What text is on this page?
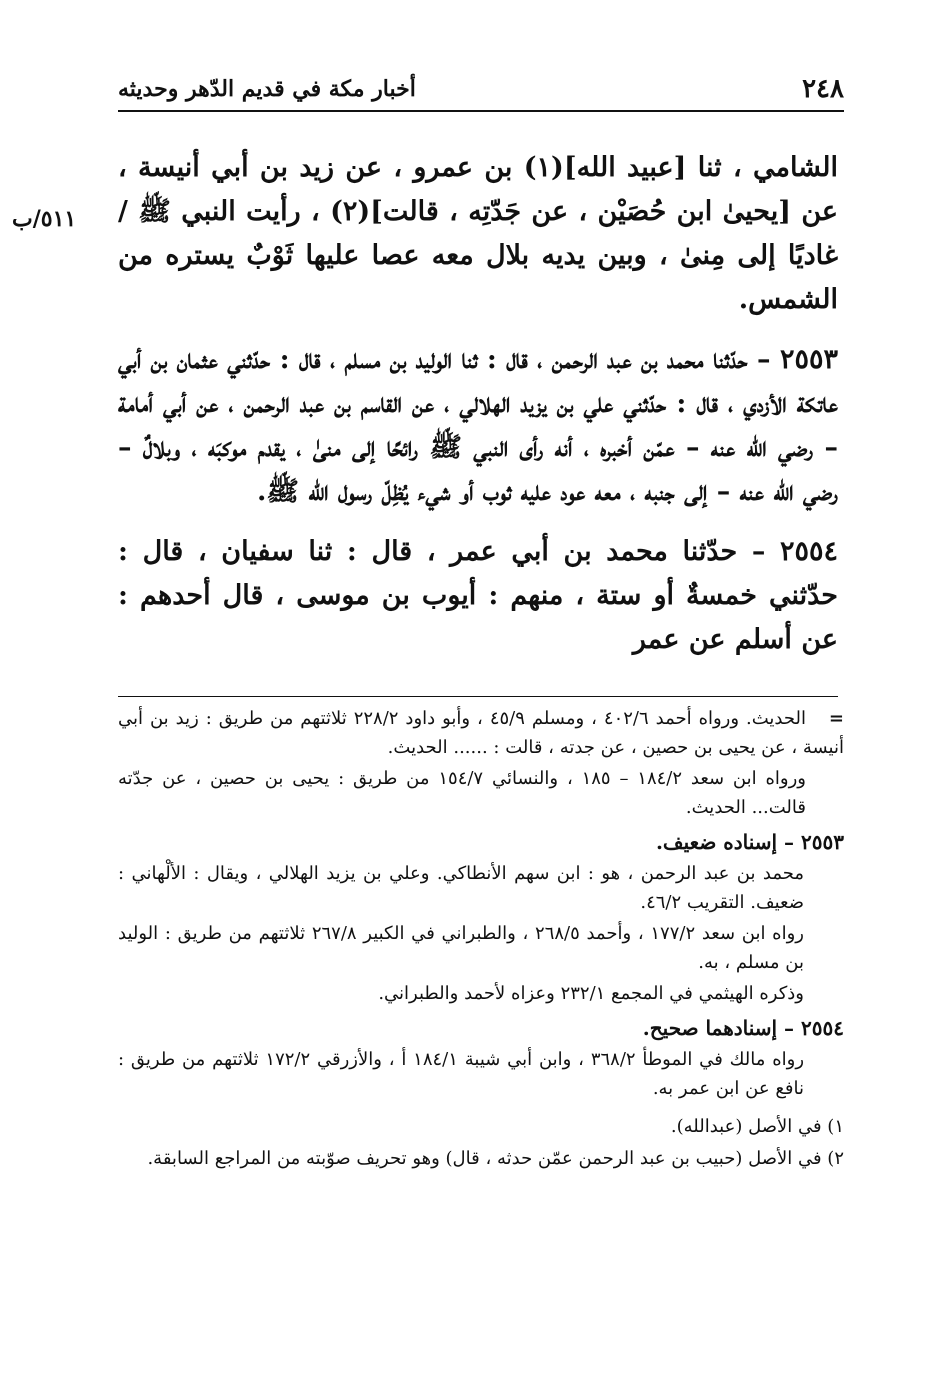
٢٤٨
أخبار مكة في قديم الدّهر وحديثه
٥١١/ب

الشامي ، ثنا [عبيد الله](١) بن عمرو ، عن زيد بن أبي أنيسة ، عن [يحيىٰ ابن حُصَيْن ، عن جَدّتِه ، قالت](٢) ، رأيت النبي ﷺ / غاديًا إلى مِنىٰ ، وبين يديه بلال معه عصا عليها ثَوْبٌ يستره من الشمس.

٢٥٥٣ – حدّثنا محمد بن عبد الرحمن ، قال : ثنا الوليد بن مسلم ، قال : حدّثني عثمان بن أبي عاتكة الأزدي ، قال : حدّثني علي بن يزيد الهلالي ، عن القاسم بن عبد الرحمن ، عن أبي أمامة – رضي الله عنه – عمّن أخبره ، أنه رأى النبي ﷺ رائحًا إلى منىٰ ، يقدم موكبَه ، وبلالٌ – رضي الله عنه – إلى جنبه ، معه عود عليه ثوب أو شيء يُظِلّ رسول الله ﷺ.

٢٥٥٤ – حدّثنا محمد بن أبي عمر ، قال : ثنا سفيان ، قال : حدّثني خمسةٌ أو ستة ، منهم : أيوب بن موسى ، قال أحدهم : عن أسلم عن عمر

=الحديث. ورواه أحمد ٤٠٢/٦ ، ومسلم ٤٥/٩ ، وأبو داود ٢٢٨/٢ ثلاثتهم من طريق : زيد بن أبي أنيسة ، عن يحيى بن حصين ، عن جدته ، قالت : ...... الحديث.

ورواه ابن سعد ١٨٤/٢ – ١٨٥ ، والنسائي ١٥٤/٧ من طريق : يحيى بن حصين ، عن جدّته قالت... الحديث.

٢٥٥٣ – إسناده ضعيف.

محمد بن عبد الرحمن ، هو : ابن سهم الأنطاكي. وعلي بن يزيد الهلالي ، ويقال : الألْهاني : ضعيف. التقريب ٤٦/٢.

رواه ابن سعد ١٧٧/٢ ، وأحمد ٢٦٨/٥ ، والطبراني في الكبير ٢٦٧/٨ ثلاثتهم من طريق : الوليد بن مسلم ، به.

وذكره الهيثمي في المجمع ٢٣٢/١ وعزاه لأحمد والطبراني.

٢٥٥٤ – إسنادهما صحيح.

رواه مالك في الموطأ ٣٦٨/٢ ، وابن أبي شيبة ١٨٤/١ أ ، والأزرقي ١٧٢/٢ ثلاثتهم من طريق : نافع عن ابن عمر به.

١) في الأصل (عبدالله).

٢) في الأصل (حبيب بن عبد الرحمن عمّن حدثه ، قال) وهو تحريف صوّبته من المراجع السابقة.
